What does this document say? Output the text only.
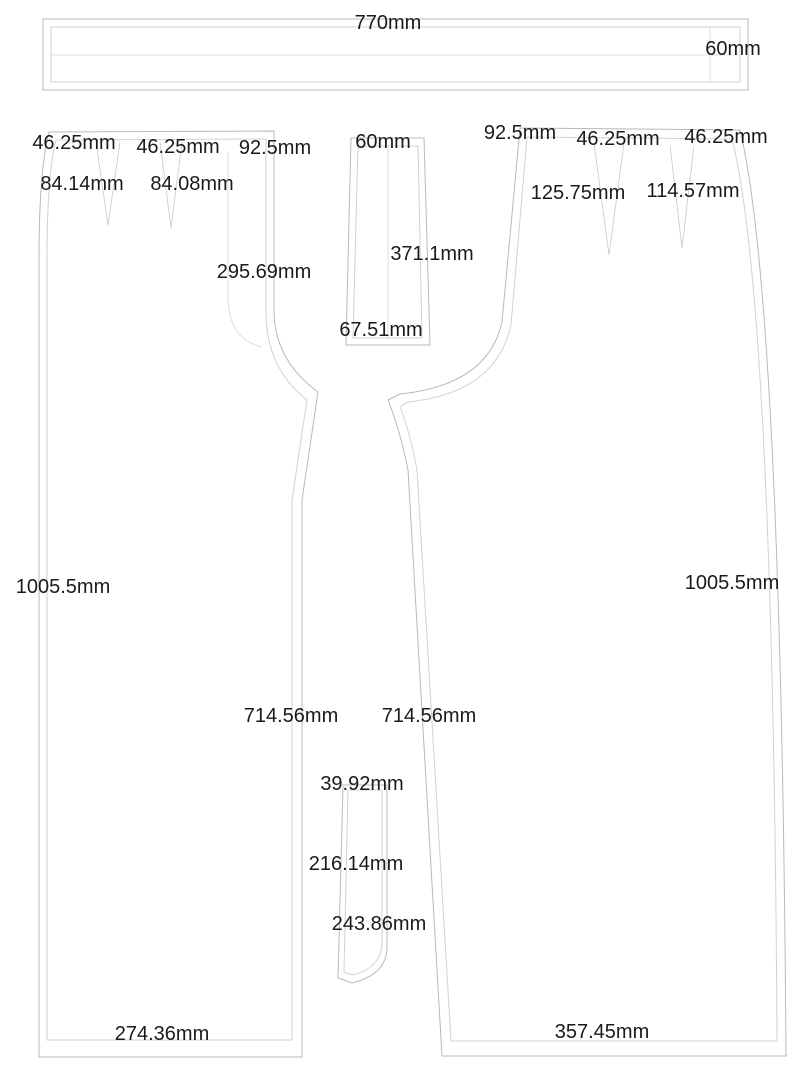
770mm
60mm
46.25mm 46.25mm 92.5mm
84.14mm 84.08mm
295.69mm
1005.5mm
714.56mm
274.36mm
60mm
371.1mm
67.51mm
92.5mm 46.25mm 46.25mm
125.75mm 114.57mm
1005.5mm
714.56mm
357.45mm
39.92mm
216.14mm
243.86mm
